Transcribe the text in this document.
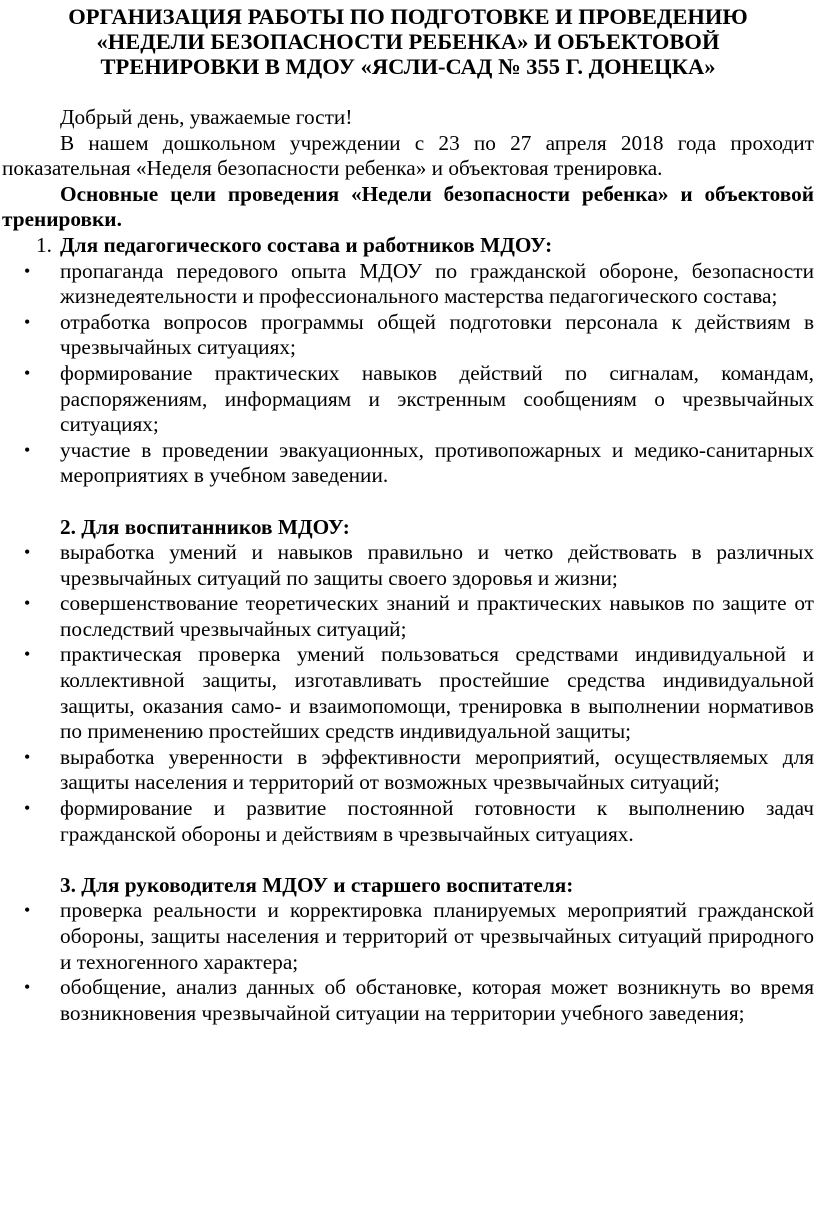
ОРГАНИЗАЦИЯ РАБОТЫ ПО ПОДГОТОВКЕ И ПРОВЕДЕНИЮ
«НЕДЕЛИ БЕЗОПАСНОСТИ РЕБЕНКА» И ОБЪЕКТОВОЙ
ТРЕНИРОВКИ В МДОУ «ЯСЛИ-САД № 355 Г. ДОНЕЦКА»

Добрый день, уважаемые гости!

В нашем дошкольном учреждении с 23 по 27 апреля 2018 года проходит показательная «Неделя безопасности ребенка» и объектовая тренировка.

Основные цели проведения «Недели безопасности ребенка» и объектовой тренировки.

1. Для педагогического состава и работников МДОУ:
• пропаганда передового опыта МДОУ по гражданской обороне, безопасности жизнедеятельности и профессионального мастерства педагогического состава;
• отработка вопросов программы общей подготовки персонала к действиям в чрезвычайных ситуациях;
• формирование практических навыков действий по сигналам, командам, распоряжениям, информациям и экстренным сообщениям о чрезвычайных ситуациях;
• участие в проведении эвакуационных, противопожарных и медико-санитарных мероприятиях в учебном заведении.
2. Для воспитанников МДОУ:
• выработка умений и навыков правильно и четко действовать в различных чрезвычайных ситуаций по защиты своего здоровья и жизни;
• совершенствование теоретических знаний и практических навыков по защите от последствий чрезвычайных ситуаций;
• практическая проверка умений пользоваться средствами индивидуальной и коллективной защиты, изготавливать простейшие средства индивидуальной защиты, оказания само- и взаимопомощи, тренировка в выполнении нормативов по применению простейших средств индивидуальной защиты;
• выработка уверенности в эффективности мероприятий, осуществляемых для защиты населения и территорий от возможных чрезвычайных ситуаций;
• формирование и развитие постоянной готовности к выполнению задач гражданской обороны и действиям в чрезвычайных ситуациях.
3. Для руководителя МДОУ и старшего воспитателя:
• проверка реальности и корректировка планируемых мероприятий гражданской обороны, защиты населения и территорий от чрезвычайных ситуаций природного и техногенного характера;
• обобщение, анализ данных об обстановке, которая может возникнуть во время возникновения чрезвычайной ситуации на территории учебного заведения;
